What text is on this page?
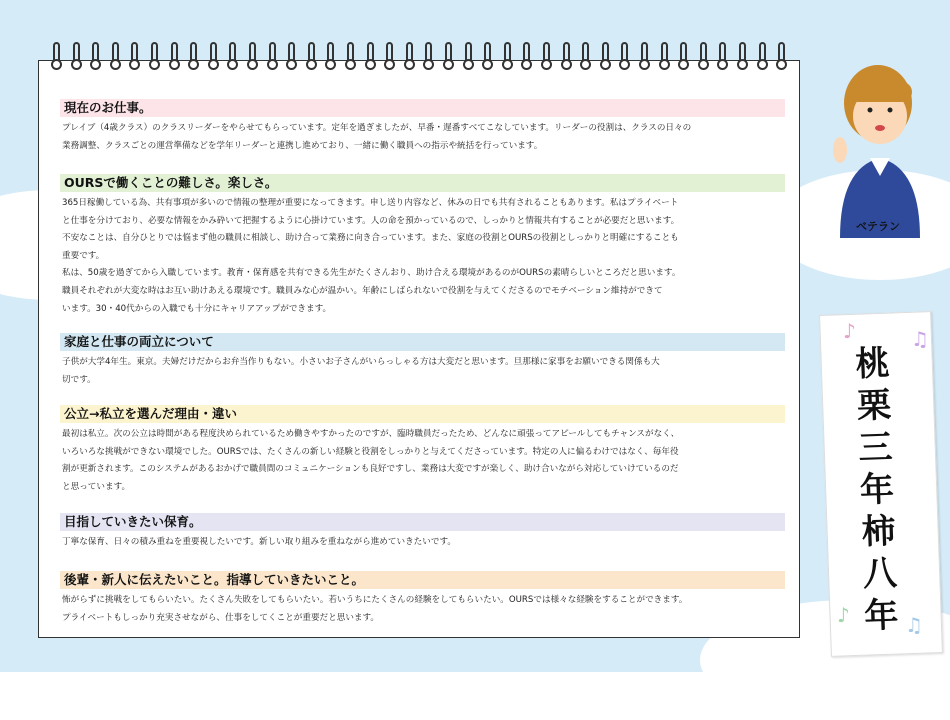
ベテラン
♪	♫
♪	♫
桃栗三年柿八年
現在のお仕事。

プレイブ（4歳クラス）のクラスリーダーをやらせてもらっています。定年を過ぎましたが、早番・遅番すべてこなしています。リーダーの役割は、クラスの日々の

業務調整、クラスごとの運営準備などを学年リーダーと連携し進めており、一緒に働く職員への指示や統括を行っています。

OURSで働くことの難しさ。楽しさ。

365日稼働している為、共有事項が多いので情報の整理が重要になってきます。申し送り内容など、休みの日でも共有されることもあります。私はプライベート

と仕事を分けており、必要な情報をかみ砕いて把握するように心掛けています。人の命を預かっているので、しっかりと情報共有することが必要だと思います。

不安なことは、自分ひとりでは悩まず他の職員に相談し、助け合って業務に向き合っています。また、家庭の役割とOURSの役割としっかりと明確にすることも

重要です。

私は、50歳を過ぎてから入職しています。教育・保育感を共有できる先生がたくさんおり、助け合える環境があるのがOURSの素晴らしいところだと思います。

職員それぞれが大変な時はお互い助けあえる環境です。職員みな心が温かい。年齢にしばられないで役割を与えてくださるのでモチベーション維持ができて

います。30・40代からの入職でも十分にキャリアアップができます。

家庭と仕事の両立について

子供が大学4年生。東京。夫婦だけだからお弁当作りもない。小さいお子さんがいらっしゃる方は大変だと思います。旦那様に家事をお願いできる関係も大

切です。

公立→私立を選んだ理由・違い

最初は私立。次の公立は時間がある程度決められているため働きやすかったのですが、臨時職員だったため、どんなに頑張ってアピールしてもチャンスがなく、

いろいろな挑戦ができない環境でした。OURSでは、たくさんの新しい経験と役割をしっかりと与えてくださっています。特定の人に偏るわけではなく、毎年役

割が更新されます。このシステムがあるおかげで職員間のコミュニケーションも良好ですし、業務は大変ですが楽しく、助け合いながら対応していけているのだ

と思っています。

目指していきたい保育。

丁寧な保育、日々の積み重ねを重要視したいです。新しい取り組みを重ねながら進めていきたいです。

後輩・新人に伝えたいこと。指導していきたいこと。

怖がらずに挑戦をしてもらいたい。たくさん失敗をしてもらいたい。若いうちにたくさんの経験をしてもらいたい。OURSでは様々な経験をすることができます。

プライベートもしっかり充実させながら、仕事をしてくことが重要だと思います。
